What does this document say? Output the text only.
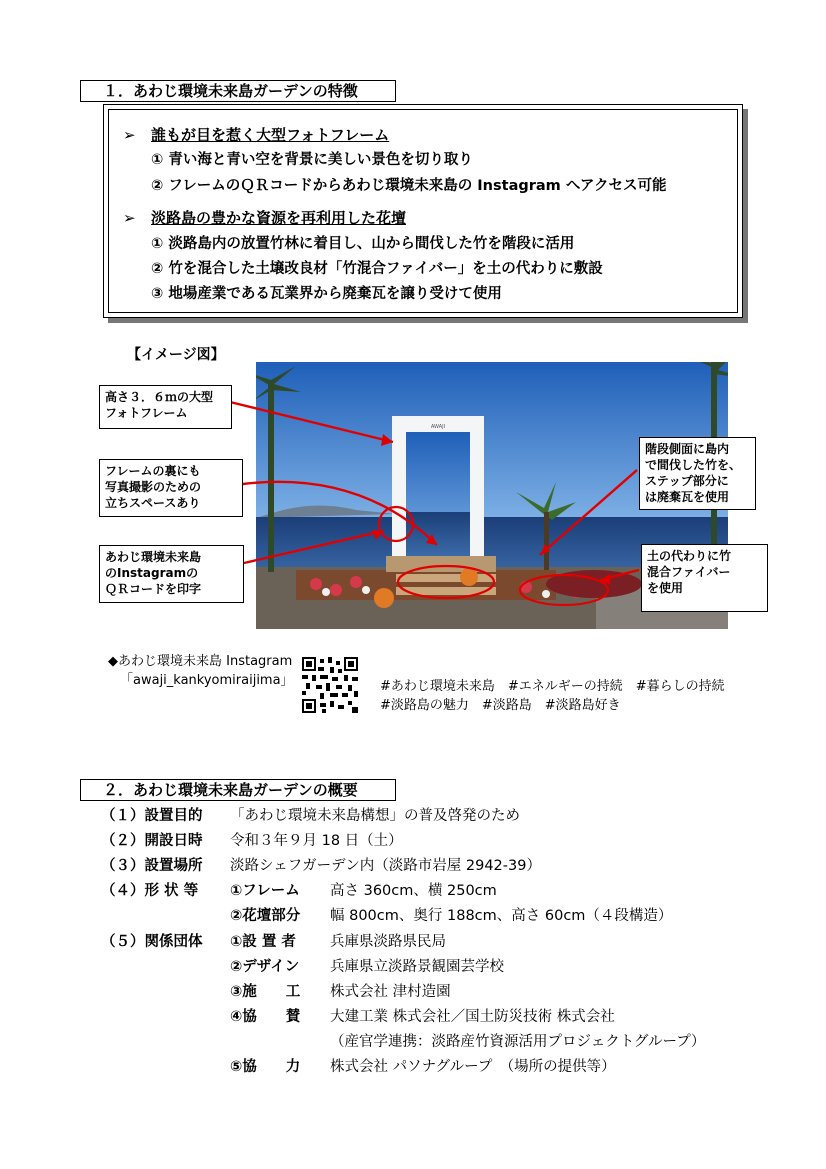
１．あわじ環境未来島ガーデンの特徴
➢ 誰もが目を惹く大型フォトフレーム
① 青い海と青い空を背景に美しい景色を切り取り
② フレームのＱＲコードからあわじ環境未来島の Instagram へアクセス可能
➢ 淡路島の豊かな資源を再利用した花壇
① 淡路島内の放置竹林に着目し、山から間伐した竹を階段に活用
② 竹を混合した土壌改良材「竹混合ファイバー」を土の代わりに敷設
③ 地場産業である瓦業界から廃棄瓦を譲り受けて使用
【イメージ図】
AWAJI
高さ３．６ｍの大型
フォトフレーム
フレームの裏にも
写真撮影のための
立ちスペースあり
あわじ環境未来島
のInstagramの
ＱＲコードを印字
階段側面に島内
で間伐した竹を、
ステップ部分に
は廃棄瓦を使用
土の代わりに竹
混合ファイバー
を使用
◆あわじ環境未来島 Instagram
「awaji_kankyomiraijima」	#あわじ環境未来島　#エネルギーの持続　#暮らしの持続
#淡路島の魅力　#淡路島　#淡路島好き
２．あわじ環境未来島ガーデンの概要
（１）設置目的 「あわじ環境未来島構想」の普及啓発のため
（２）開設日時 令和３年９月 18 日（土）
（３）設置場所 淡路シェフガーデン内（淡路市岩屋 2942-39）
（４）形 状 等 ①フレーム 高さ 360cm、横 250cm
②花壇部分 幅 800cm、奥行 188cm、高さ 60cm（４段構造）
（５）関係団体 ①設 置 者 兵庫県淡路県民局
②デザイン 兵庫県立淡路景観園芸学校
③施　　工 株式会社 津村造園
④協　　賛 大建工業 株式会社／国土防災技術 株式会社
（産官学連携：淡路産竹資源活用プロジェクトグループ）
⑤協　　力 株式会社 パソナグループ　（場所の提供等）
